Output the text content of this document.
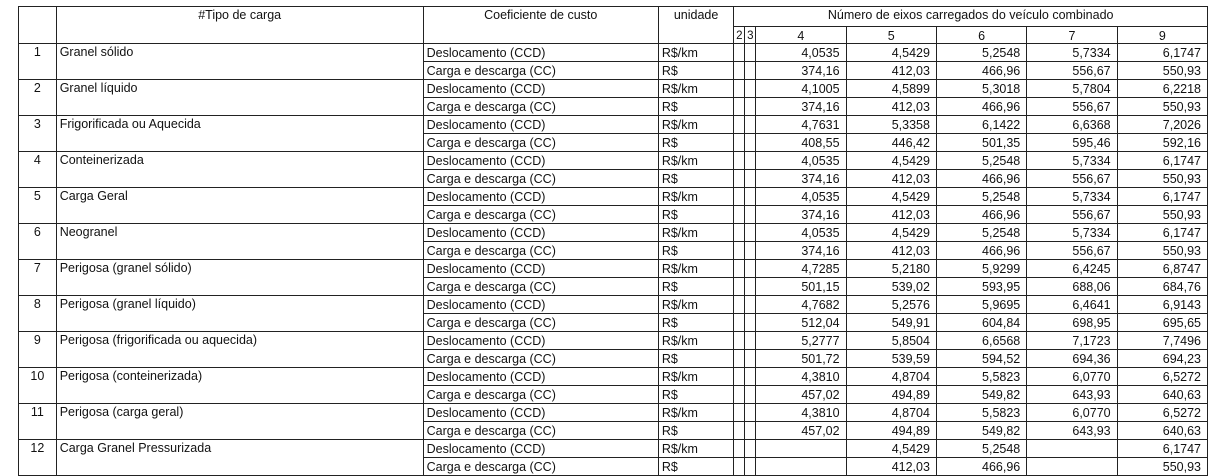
	#Tipo de carga	Coeficiente de custo	unidade	Número de eixos carregados do veículo combinado						
				2	3	4	5	6	7	9
1	Granel sólido	Deslocamento (CCD)	R$/km			4,0535	4,5429	5,2548	5,7334	6,1747
		Carga e descarga (CC)	R$			374,16	412,03	466,96	556,67	550,93
2	Granel líquido	Deslocamento (CCD)	R$/km			4,1005	4,5899	5,3018	5,7804	6,2218
		Carga e descarga (CC)	R$			374,16	412,03	466,96	556,67	550,93
3	Frigorificada ou Aquecida	Deslocamento (CCD)	R$/km			4,7631	5,3358	6,1422	6,6368	7,2026
		Carga e descarga (CC)	R$			408,55	446,42	501,35	595,46	592,16
4	Conteinerizada	Deslocamento (CCD)	R$/km			4,0535	4,5429	5,2548	5,7334	6,1747
		Carga e descarga (CC)	R$			374,16	412,03	466,96	556,67	550,93
5	Carga Geral	Deslocamento (CCD)	R$/km			4,0535	4,5429	5,2548	5,7334	6,1747
		Carga e descarga (CC)	R$			374,16	412,03	466,96	556,67	550,93
6	Neogranel	Deslocamento (CCD)	R$/km			4,0535	4,5429	5,2548	5,7334	6,1747
		Carga e descarga (CC)	R$			374,16	412,03	466,96	556,67	550,93
7	Perigosa (granel sólido)	Deslocamento (CCD)	R$/km			4,7285	5,2180	5,9299	6,4245	6,8747
		Carga e descarga (CC)	R$			501,15	539,02	593,95	688,06	684,76
8	Perigosa (granel líquido)	Deslocamento (CCD)	R$/km			4,7682	5,2576	5,9695	6,4641	6,9143
		Carga e descarga (CC)	R$			512,04	549,91	604,84	698,95	695,65
9	Perigosa (frigorificada ou aquecida)	Deslocamento (CCD)	R$/km			5,2777	5,8504	6,6568	7,1723	7,7496
		Carga e descarga (CC)	R$			501,72	539,59	594,52	694,36	694,23
10	Perigosa (conteinerizada)	Deslocamento (CCD)	R$/km			4,3810	4,8704	5,5823	6,0770	6,5272
		Carga e descarga (CC)	R$			457,02	494,89	549,82	643,93	640,63
11	Perigosa (carga geral)	Deslocamento (CCD)	R$/km			4,3810	4,8704	5,5823	6,0770	6,5272
		Carga e descarga (CC)	R$			457,02	494,89	549,82	643,93	640,63
12	Carga Granel Pressurizada	Deslocamento (CCD)	R$/km				4,5429	5,2548		6,1747
		Carga e descarga (CC)	R$				412,03	466,96		550,93
